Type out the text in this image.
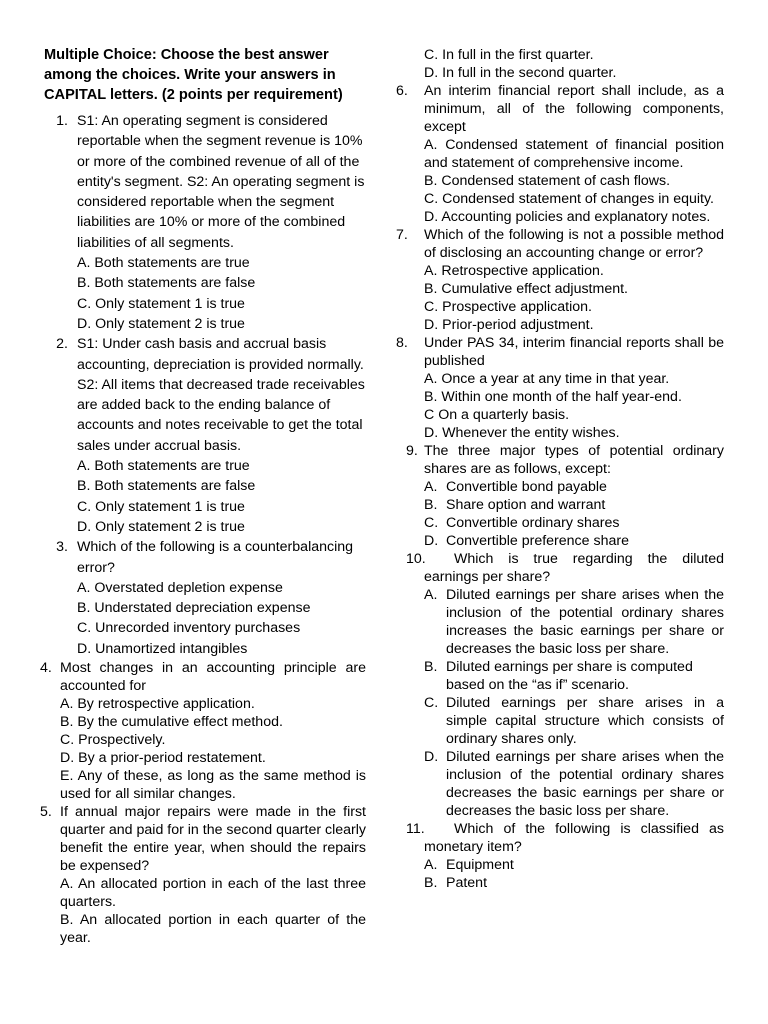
Multiple Choice: Choose the best answer among the choices. Write your answers in CAPITAL letters. (2 points per requirement)

1. S1: An operating segment is considered reportable when the segment revenue is 10% or more of the combined revenue of all of the entity's segment. S2: An operating segment is considered reportable when the segment liabilities are 10% or more of the combined liabilities of all segments.
A. Both statements are true
B. Both statements are false
C. Only statement 1 is true
D. Only statement 2 is true
2. S1: Under cash basis and accrual basis accounting, depreciation is provided normally. S2: All items that decreased trade receivables are added back to the ending balance of accounts and notes receivable to get the total sales under accrual basis.
A. Both statements are true
B. Both statements are false
C. Only statement 1 is true
D. Only statement 2 is true
3. Which of the following is a counterbalancing error?
A. Overstated depletion expense
B. Understated depreciation expense
C. Unrecorded inventory purchases
D. Unamortized intangibles
4. Most changes in an accounting principle are accounted for
A. By retrospective application.
B. By the cumulative effect method.
C. Prospectively.
D. By a prior-period restatement.
E. Any of these, as long as the same method is used for all similar changes.
5. If annual major repairs were made in the first quarter and paid for in the second quarter clearly benefit the entire year, when should the repairs be expensed?
A. An allocated portion in each of the last three quarters.
B. An allocated portion in each quarter of the year.
C. In full in the first quarter.
D. In full in the second quarter.
6.	An interim financial report shall include, as a minimum, all of the following components, except
A. Condensed statement of financial position and statement of comprehensive income.
B. Condensed statement of cash flows.
C. Condensed statement of changes in equity.
D. Accounting policies and explanatory notes.
7.	Which of the following is not a possible method of disclosing an accounting change or error?
A. Retrospective application.
B. Cumulative effect adjustment.
C. Prospective application.
D. Prior-period adjustment.
8.	Under PAS 34, interim financial reports shall be published
A. Once a year at any time in that year.
B. Within one month of the half year-end.
C On a quarterly basis.
D. Whenever the entity wishes.
9. The three major types of potential ordinary shares are as follows, except:
A. Convertible bond payable
B. Share option and warrant
C. Convertible ordinary shares
D. Convertible preference share
10.	Which is true regarding the diluted earnings per share?
A. Diluted earnings per share arises when the inclusion of the potential ordinary shares increases the basic earnings per share or decreases the basic loss per share.
B. Diluted earnings per share is computed based on the “as if” scenario.
C. Diluted earnings per share arises in a simple capital structure which consists of ordinary shares only.
D. Diluted earnings per share arises when the inclusion of the potential ordinary shares decreases the basic earnings per share or decreases the basic loss per share.
11.	Which of the following is classified as monetary item?
A. Equipment
B. Patent
